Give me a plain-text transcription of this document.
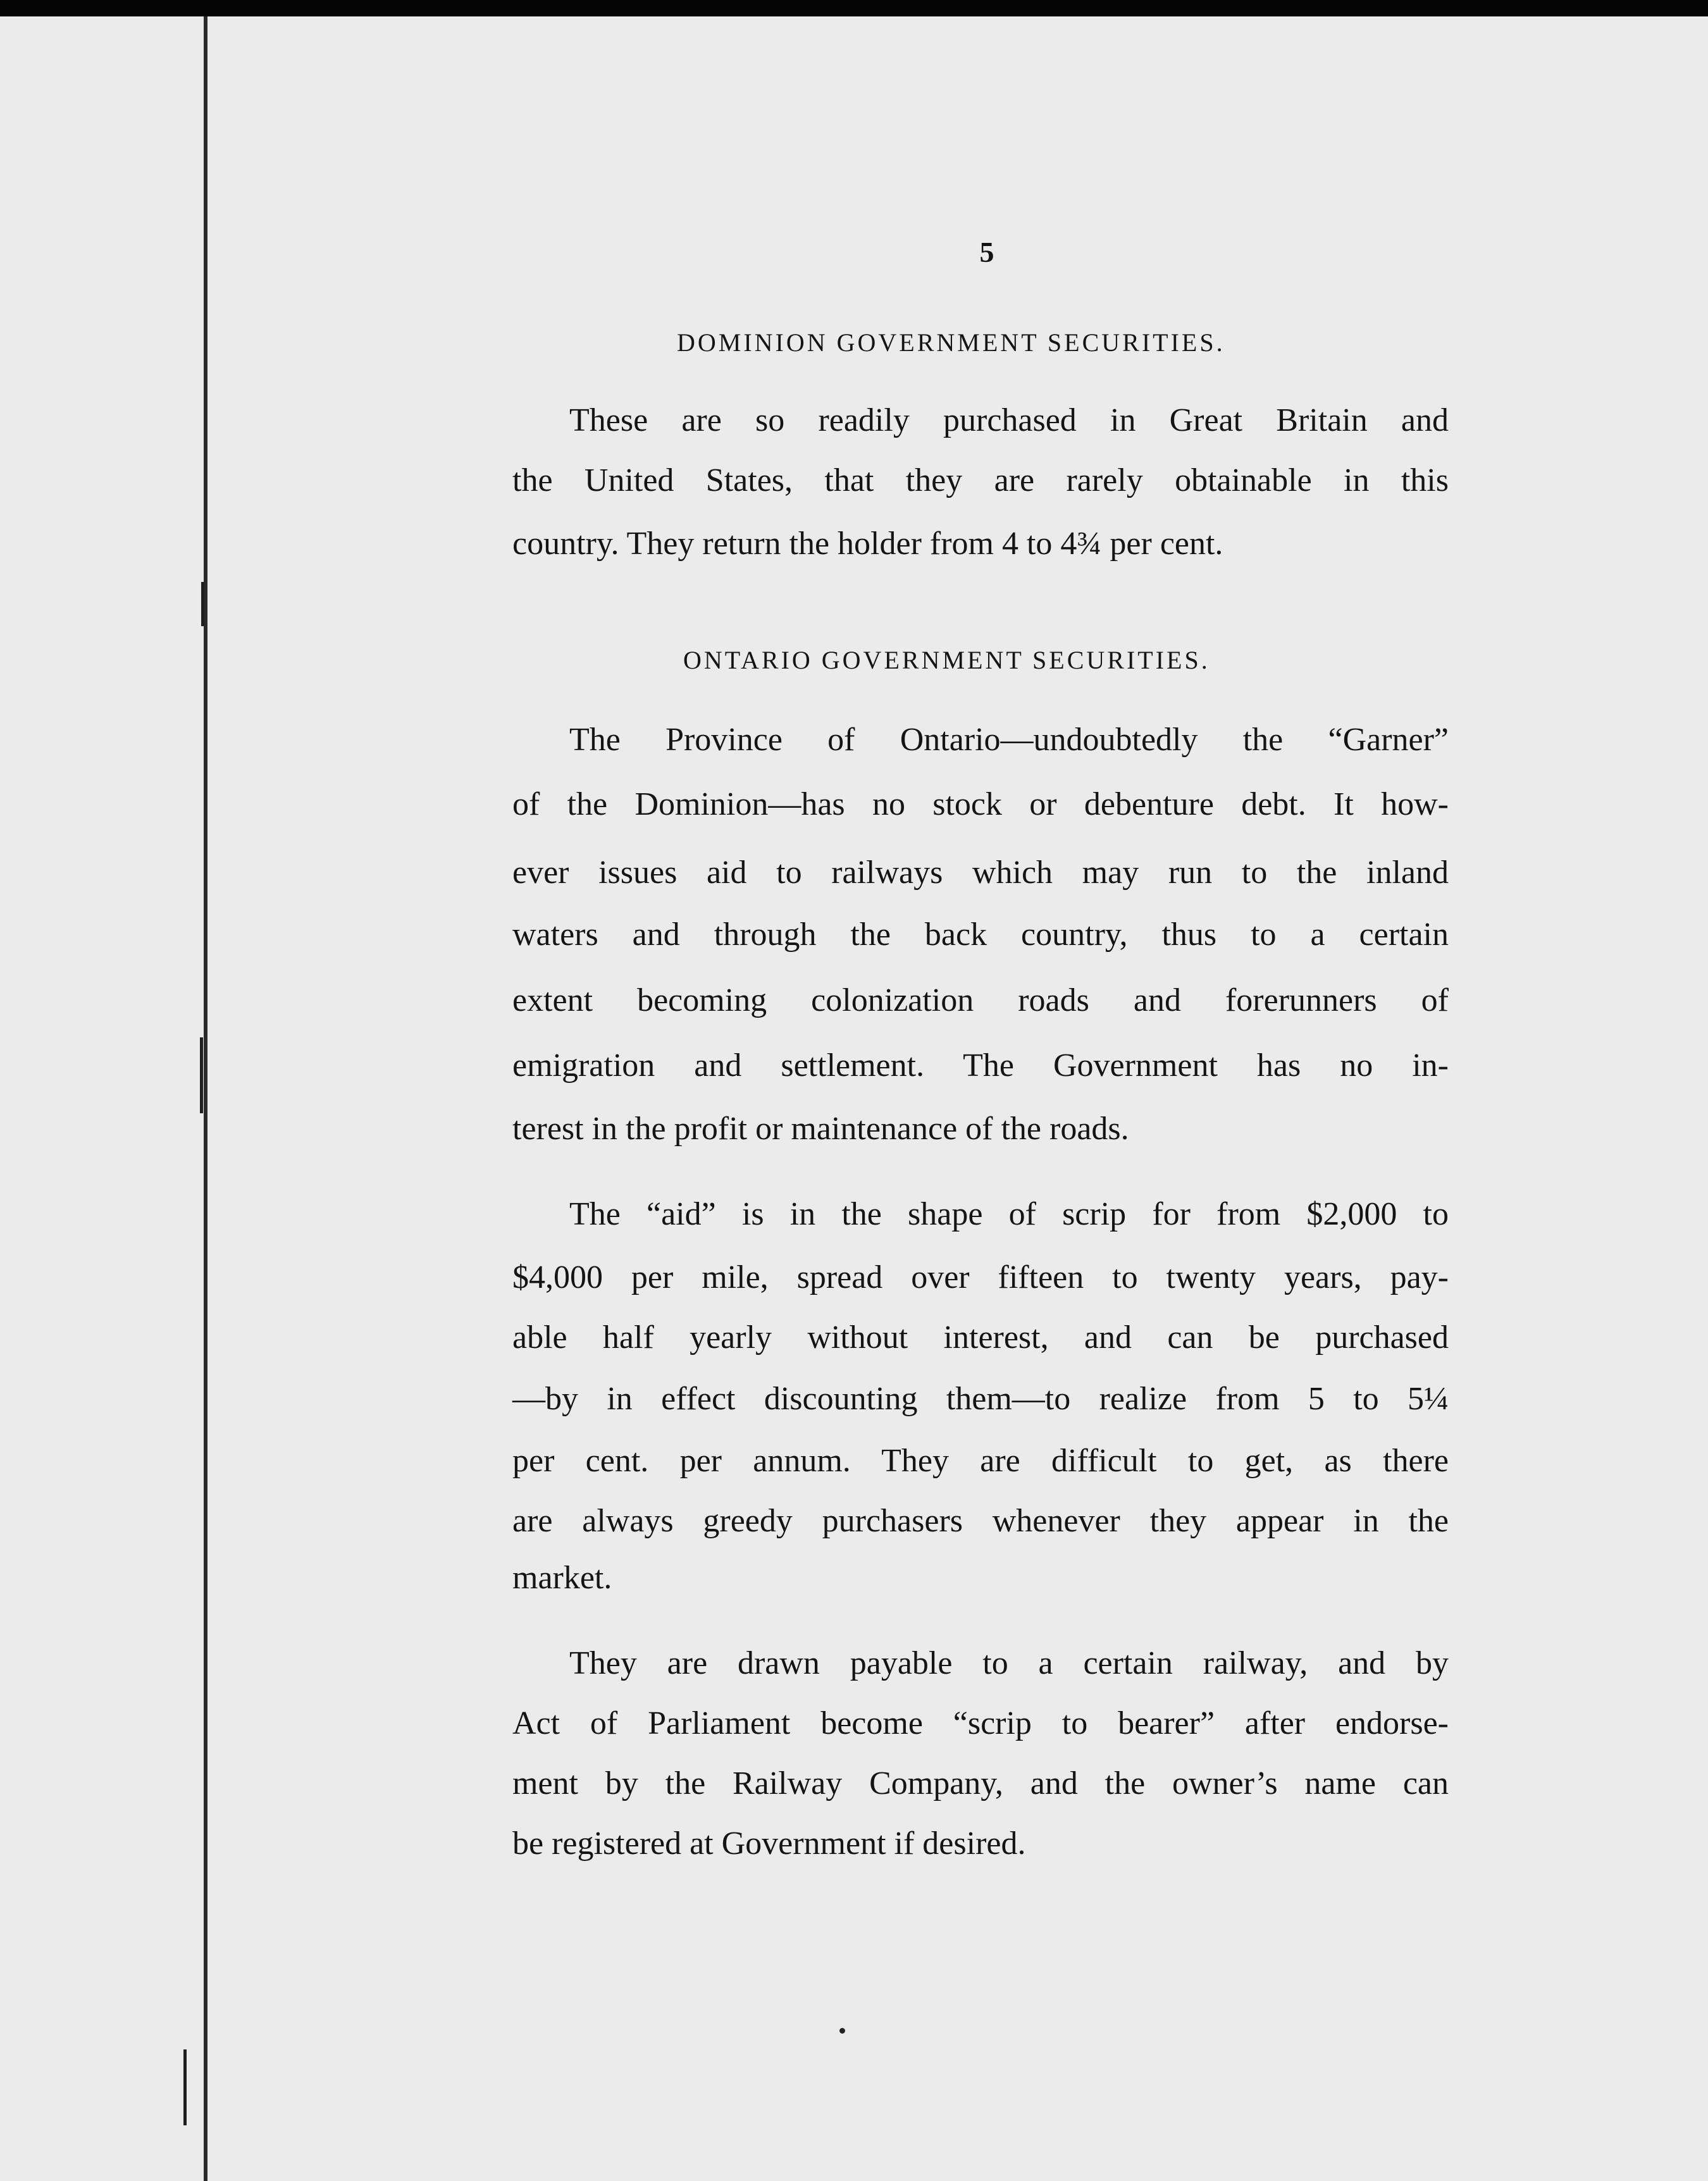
5
DOMINION GOVERNMENT SECURITIES.
These are so readily purchased in Great Britain and
the United States, that they are rarely obtainable in this
country. They return the holder from 4 to 4¾ per cent.
ONTARIO GOVERNMENT SECURITIES.
The Province of Ontario—undoubtedly the “Garner”
of the Dominion—has no stock or debenture debt. It how-
ever issues aid to railways which may run to the inland
waters and through the back country, thus to a certain
extent becoming colonization roads and forerunners of
emigration and settlement. The Government has no in-
terest in the profit or maintenance of the roads.
The “aid” is in the shape of scrip for from $2,000 to
$4,000 per mile, spread over fifteen to twenty years, pay-
able half yearly without interest, and can be purchased
—by in effect discounting them—to realize from 5 to 5¼
per cent. per annum. They are difficult to get, as there
are always greedy purchasers whenever they appear in the
market.
They are drawn payable to a certain railway, and by
Act of Parliament become “scrip to bearer” after endorse-
ment by the Railway Company, and the owner’s name can
be registered at Government if desired.
